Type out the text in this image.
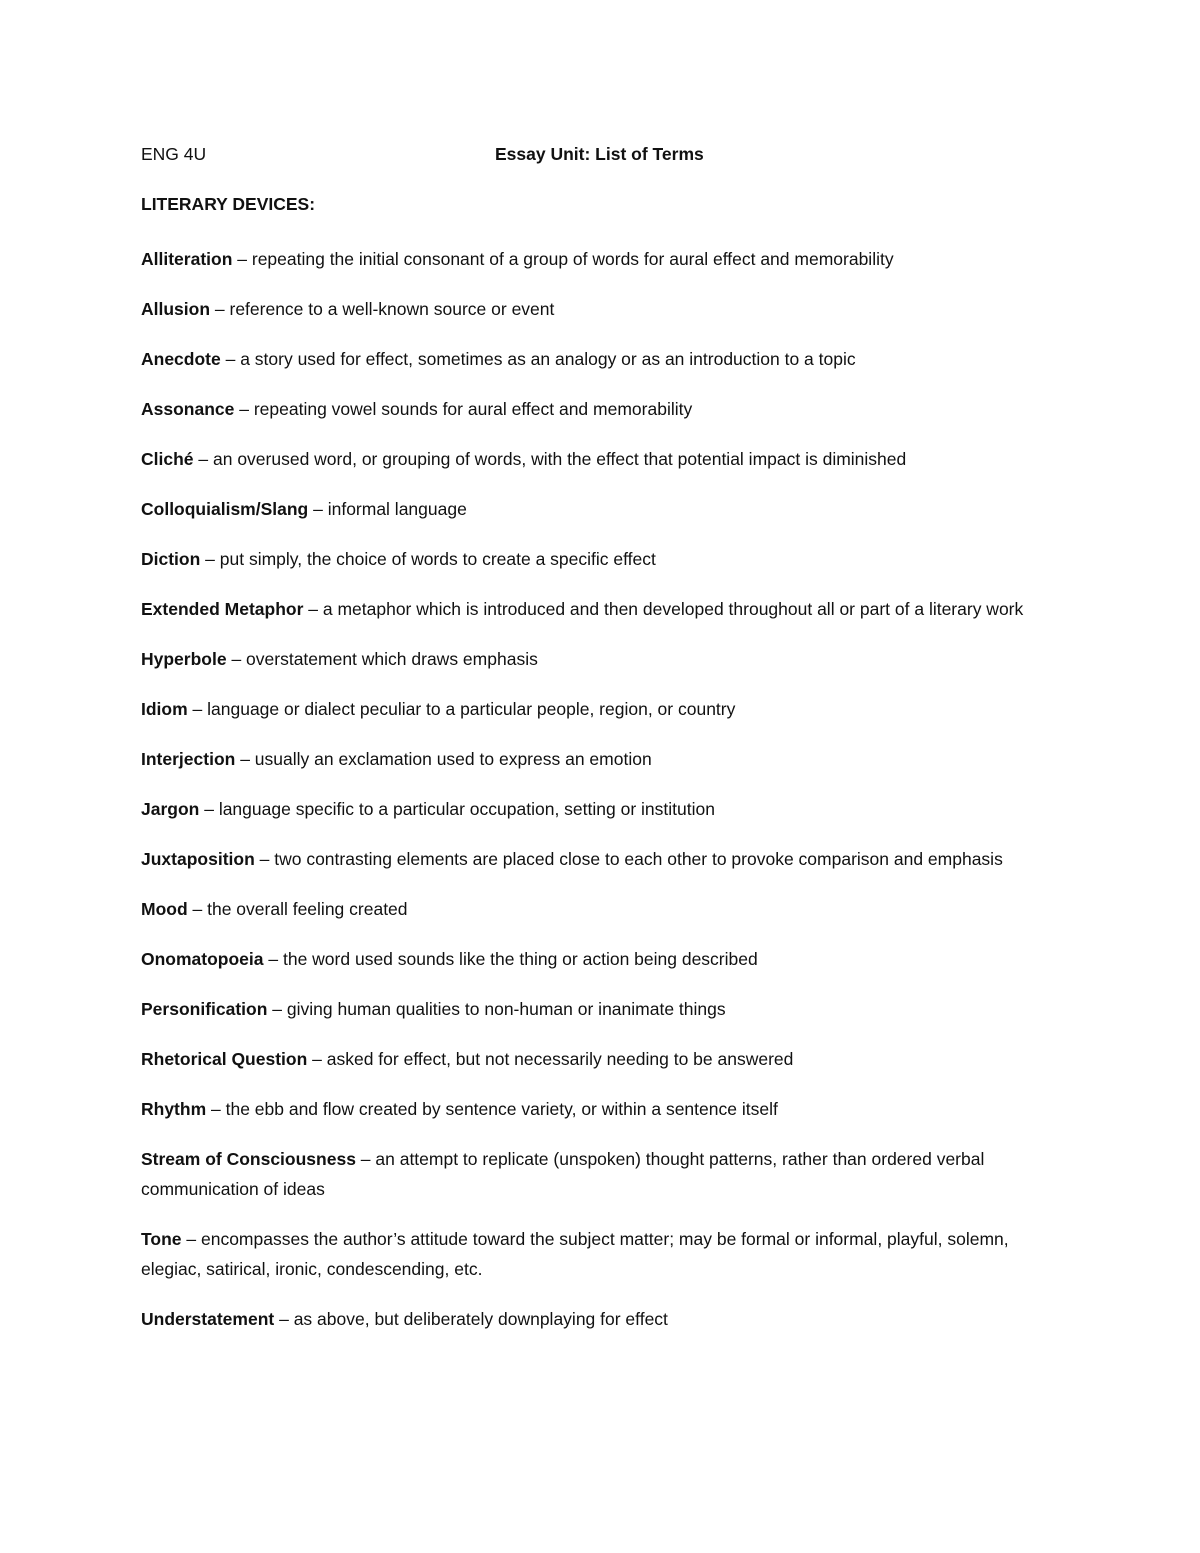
ENG 4U	Essay Unit: List of Terms
LITERARY DEVICES:
Alliteration – repeating the initial consonant of a group of words for aural effect and memorability
Allusion – reference to a well-known source or event
Anecdote – a story used for effect, sometimes as an analogy or as an introduction to a topic
Assonance – repeating vowel sounds for aural effect and memorability
Cliché – an overused word, or grouping of words, with the effect that potential impact is diminished
Colloquialism/Slang – informal language
Diction – put simply, the choice of words to create a specific effect
Extended Metaphor – a metaphor which is introduced and then developed throughout all or part of a literary work
Hyperbole – overstatement which draws emphasis
Idiom – language or dialect peculiar to a particular people, region, or country
Interjection – usually an exclamation used to express an emotion
Jargon – language specific to a particular occupation, setting or institution
Juxtaposition – two contrasting elements are placed close to each other to provoke comparison and emphasis
Mood – the overall feeling created
Onomatopoeia – the word used sounds like the thing or action being described
Personification – giving human qualities to non-human or inanimate things
Rhetorical Question – asked for effect, but not necessarily needing to be answered
Rhythm – the ebb and flow created by sentence variety, or within a sentence itself
Stream of Consciousness – an attempt to replicate (unspoken) thought patterns, rather than ordered verbal communication of ideas
Tone – encompasses the author’s attitude toward the subject matter; may be formal or informal, playful, solemn, elegiac, satirical, ironic, condescending, etc.
Understatement – as above, but deliberately downplaying for effect
